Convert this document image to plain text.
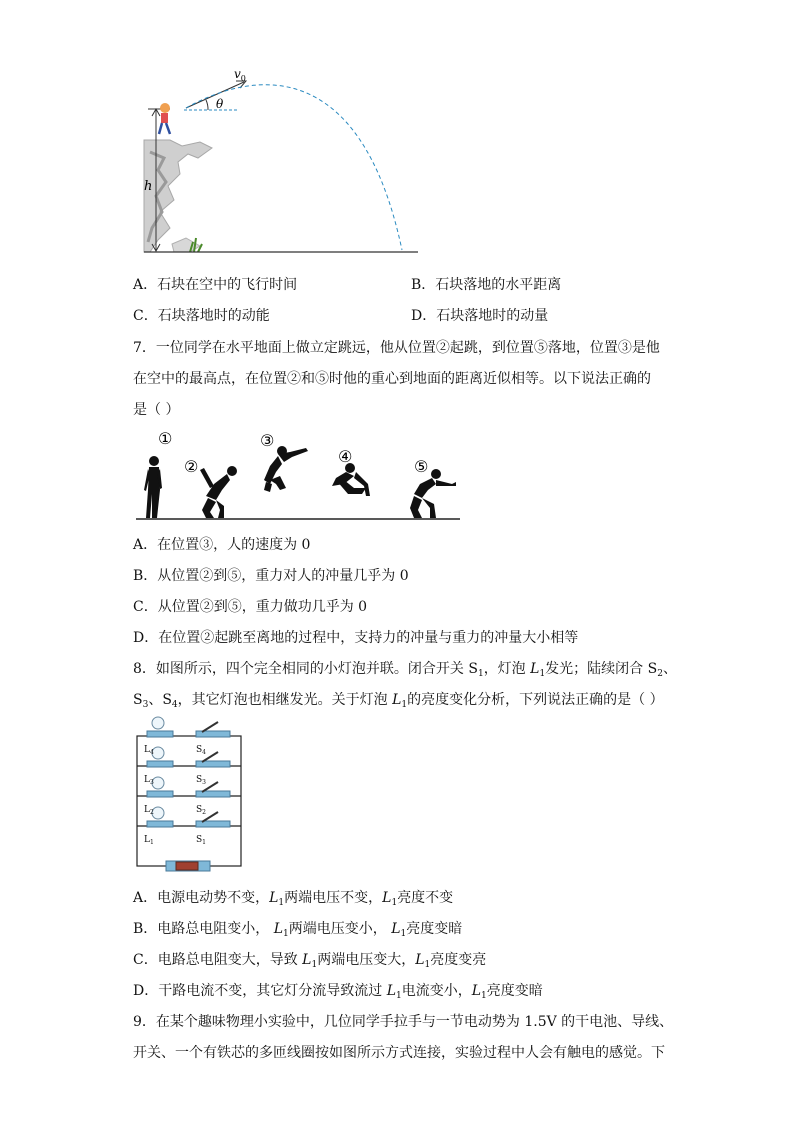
$v_0$
θ
h
A．石块在空中的飞行时间	B．石块落地的水平距离
C．石块落地时的动能	D．石块落地时的动量
7．一位同学在水平地面上做立定跳远，他从位置②起跳，到位置⑤落地，位置③是他
在空中的最高点，在位置②和⑤时他的重心到地面的距离近似相等。以下说法正确的
是（ ）
①
②
③
④
⑤
A．在位置③，人的速度为 0
B．从位置②到⑤，重力对人的冲量几乎为 0
C．从位置②到⑤，重力做功几乎为 0
D．在位置②起跳至离地的过程中，支持力的冲量与重力的冲量大小相等
8．如图所示，四个完全相同的小灯泡并联。闭合开关 $S_1$，灯泡 $L_1$发光；陆续闭合 $S_2$、
$S_3$、$S_4$，其它灯泡也相继发光。关于灯泡 $L_1$的亮度变化分析，下列说法正确的是（ ）
$L_4$	$S_4$
$L_3$	$S_3$
$L_2$	$S_2$
$L_1$	$S_1$
A．电源电动势不变，$L_1$两端电压不变，$L_1$亮度不变
B．电路总电阻变小， $L_1$两端电压变小， $L_1$亮度变暗
C．电路总电阻变大，导致 $L_1$两端电压变大，$L_1$亮度变亮
D．干路电流不变，其它灯分流导致流过 $L_1$电流变小，$L_1$亮度变暗
9．在某个趣味物理小实验中，几位同学手拉手与一节电动势为 1.5V 的干电池、导线、
开关、一个有铁芯的多匝线圈按如图所示方式连接，实验过程中人会有触电的感觉。下
